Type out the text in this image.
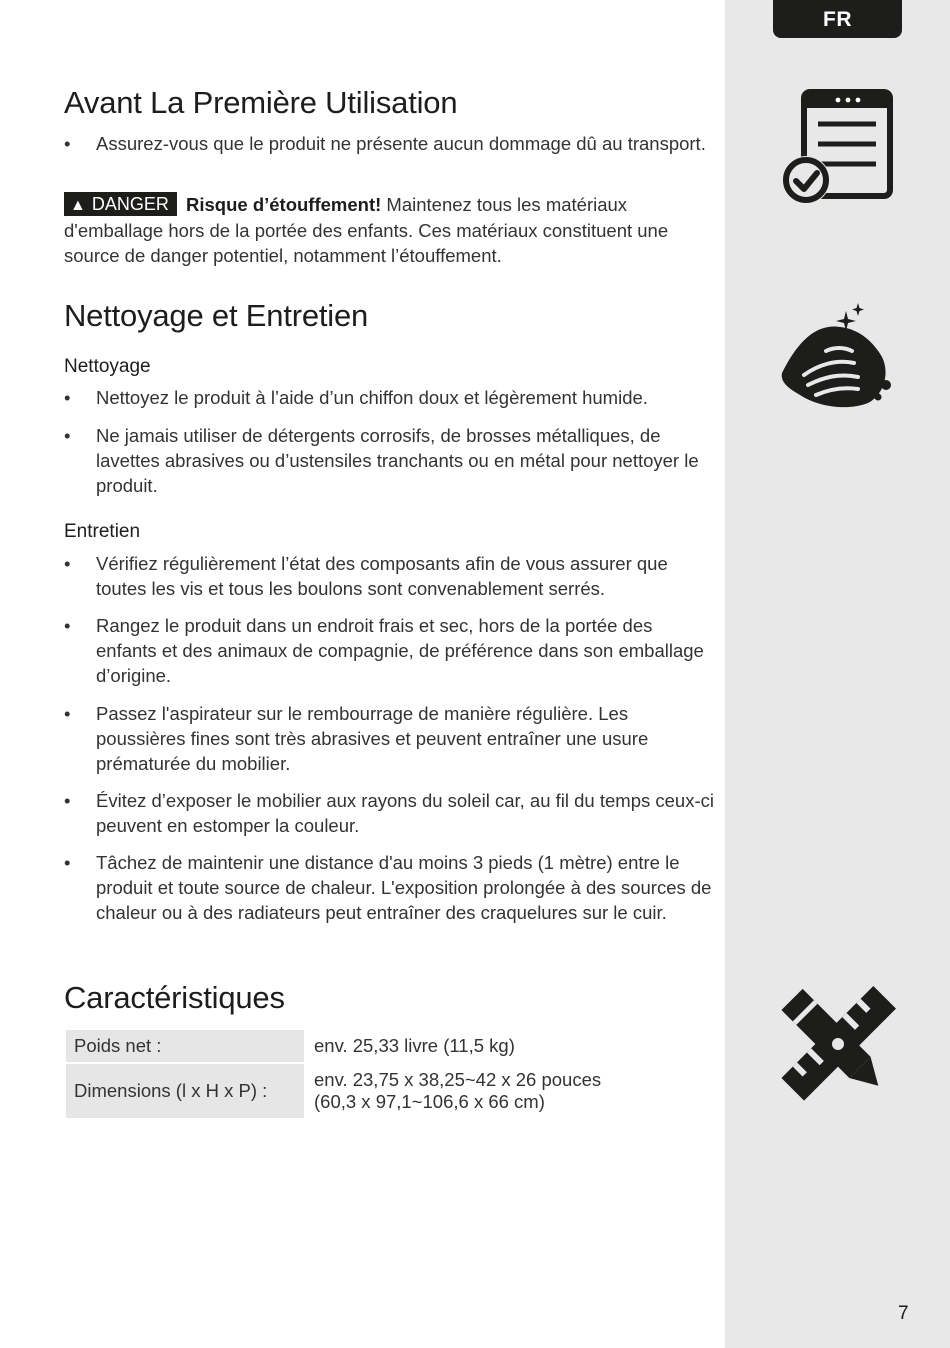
FR
7
Avant La Première Utilisation
•	Assurez-vous que le produit ne présente aucun dommage dû au transport.
▲ DANGER Risque d’étouffement! Maintenez tous les matériaux d'emballage hors de la portée des enfants. Ces matériaux constituent une source de danger potentiel, notamment l’étouffement.
Nettoyage et Entretien
Nettoyage
•	Nettoyez le produit à l’aide d’un chiffon doux et légèrement humide.
•	Ne jamais utiliser de détergents corrosifs, de brosses métalliques, de lavettes abrasives ou d’ustensiles tranchants ou en métal pour nettoyer le produit.
Entretien
•	Vérifiez régulièrement l’état des composants afin de vous assurer que toutes les vis et tous les boulons sont convenablement serrés.
•	Rangez le produit dans un endroit frais et sec, hors de la portée des enfants et des animaux de compagnie, de préférence dans son emballage d’origine.
•	Passez l'aspirateur sur le rembourrage de manière régulière. Les poussières fines sont très abrasives et peuvent entraîner une usure prématurée du mobilier.
•	Évitez d’exposer le mobilier aux rayons du soleil car, au fil du temps ceux-ci peuvent en estomper la couleur.
•	Tâchez de maintenir une distance d'au moins 3 pieds (1 mètre) entre le produit et toute source de chaleur. L'exposition prolongée à des sources de chaleur ou à des radiateurs peut entraîner des craquelures sur le cuir.
Caractéristiques
Poids net :	env. 25,33 livre (11,5 kg)
Dimensions (l x H x P) :	env. 23,75 x 38,25~42 x 26 pouces
(60,3 x 97,1~106,6 x 66 cm)
